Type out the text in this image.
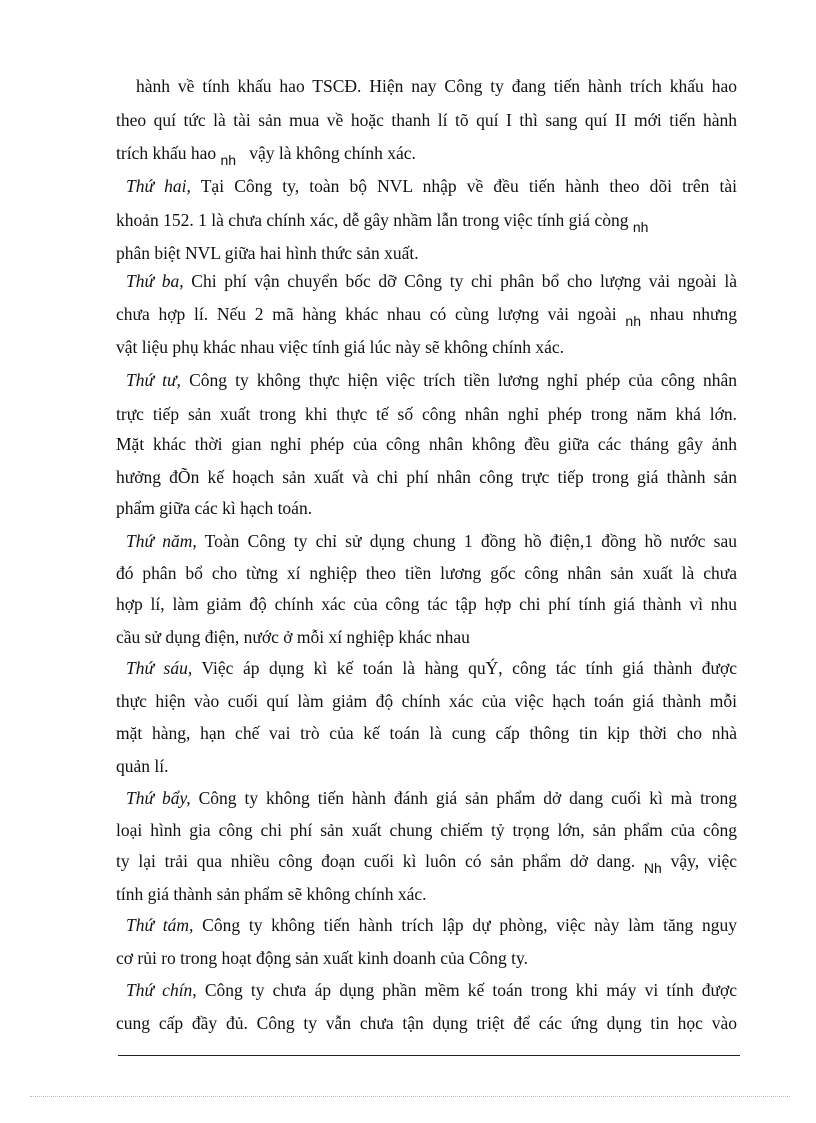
hành về tính khấu hao TSCĐ. Hiện nay Công ty đang tiến hành trích khấu hao
theo quí tức là tài sản mua về hoặc thanh lí tõ quí I thì sang quí II mới tiến hành
trích khấu hao $_{nh}$ vậy là không chính xác.
Thứ hai, Tại Công ty, toàn bộ NVL nhập về đều tiến hành theo dõi trên tài
khoản 152. 1 là chưa chính xác, dễ gây nhầm lẫn trong việc tính giá còng $_{nh}$
phân biệt NVL giữa hai hình thức sản xuất.
Thứ ba, Chi phí vận chuyển bốc dỡ Công ty chỉ phân bổ cho lượng vải ngoài là
chưa hợp lí. Nếu 2 mã hàng khác nhau có cùng lượng vải ngoài $_{nh}$ nhau nhưng
vật liệu phụ khác nhau việc tính giá lúc này sẽ không chính xác.
Thứ tư, Công ty không thực hiện việc trích tiền lương nghỉ phép của công nhân
trực tiếp sản xuất trong khi thực tế số công nhân nghỉ phép trong năm khá lớn.
Mặt khác thời gian nghỉ phép của công nhân không đều giữa các tháng gây ảnh
hưởng đÕn kế hoạch sản xuất và chi phí nhân công trực tiếp trong giá thành sản
phẩm giữa các kì hạch toán.
Thứ năm, Toàn Công ty chỉ sử dụng chung 1 đồng hồ điện,1 đồng hồ nước sau
đó phân bổ cho từng xí nghiệp theo tiền lương gốc công nhân sản xuất là chưa
hợp lí, làm giảm độ chính xác của công tác tập hợp chi phí tính giá thành vì nhu
cầu sử dụng điện, nước ở mỗi xí nghiệp khác nhau
Thứ sáu, Việc áp dụng kì kế toán là hàng quÝ, công tác tính giá thành được
thực hiện vào cuối quí làm giảm độ chính xác của việc hạch toán giá thành mỗi
mặt hàng, hạn chế vai trò của kế toán là cung cấp thông tin kịp thời cho nhà
quản lí.
Thứ bẩy, Công ty không tiến hành đánh giá sản phẩm dở dang cuối kì mà trong
loại hình gia công chi phí sản xuất chung chiếm tỷ trọng lớn, sản phẩm của công
ty lại trải qua nhiều công đoạn cuối kì luôn có sản phẩm dở dang. $_{Nh}$ vậy, việc
tính giá thành sản phẩm sẽ không chính xác.
Thứ tám, Công ty không tiến hành trích lập dự phòng, việc này làm tăng nguy
cơ rủi ro trong hoạt động sản xuất kinh doanh của Công ty.
Thứ chín, Công ty chưa áp dụng phần mềm kế toán trong khi máy vi tính được
cung cấp đầy đủ. Công ty vẫn chưa tận dụng triệt để các ứng dụng tin học vào
